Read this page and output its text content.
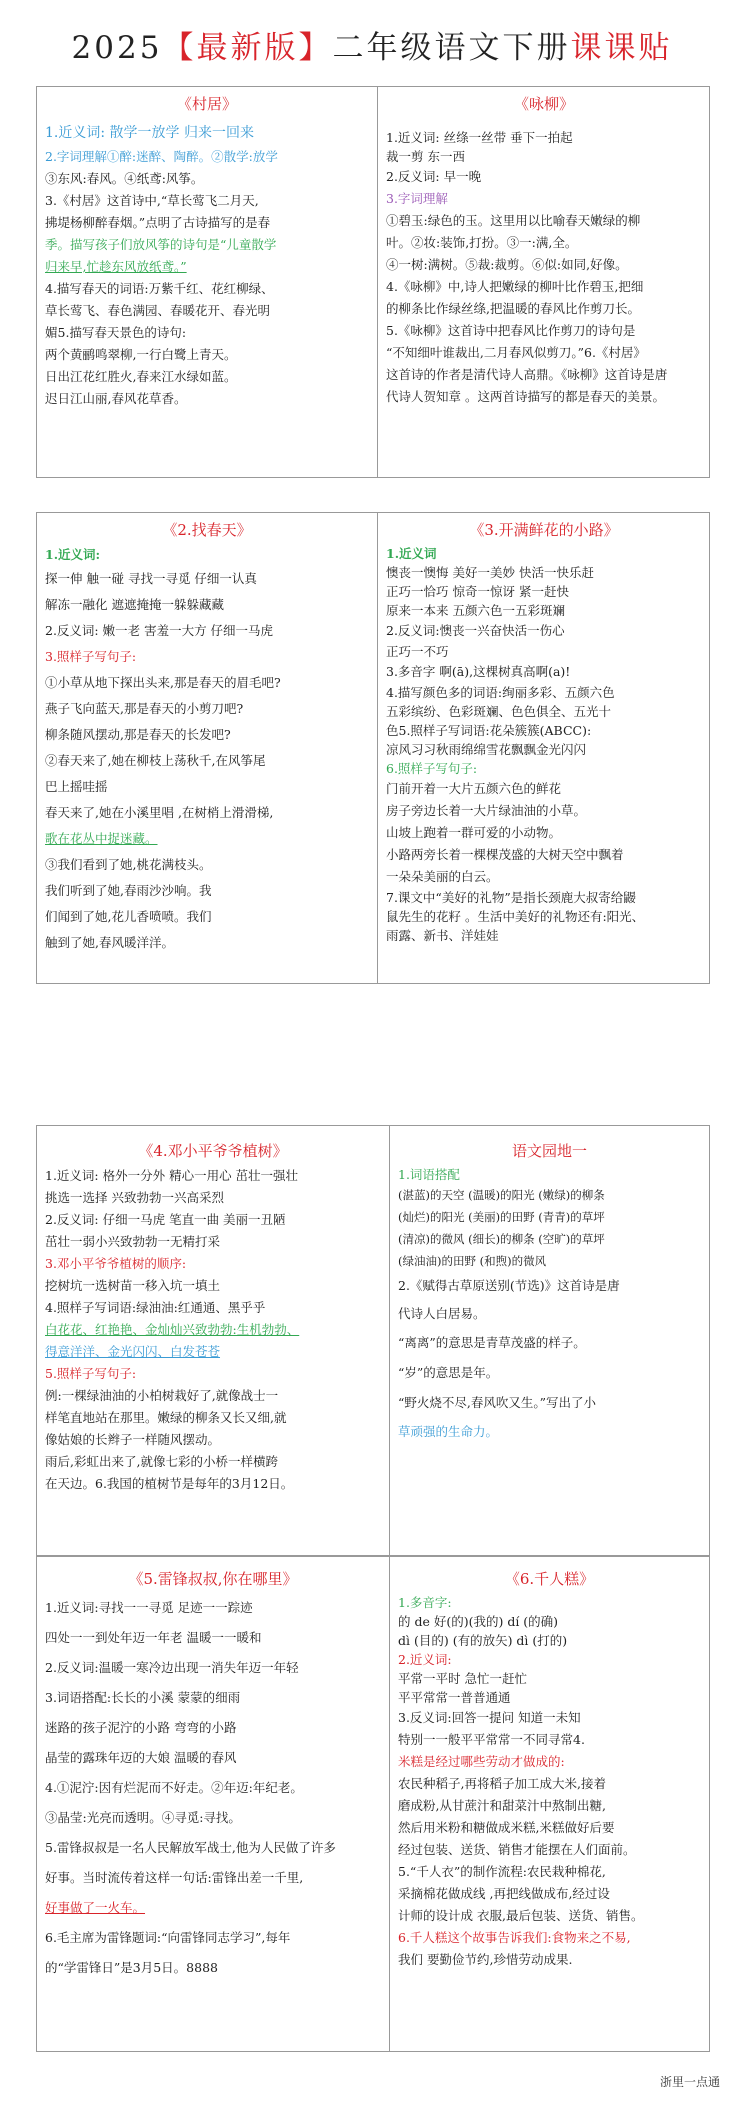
2025【最新版】二年级语文下册课课贴
《村居》
1.近义词: 散学一放学 归来一回来
2.字词理解①醉:迷醉、陶醉。②散学:放学
③东风:春风。④纸鸢:风筝。
3.《村居》这首诗中,“草长莺飞二月天,
拂堤杨柳醉春烟。”点明了古诗描写的是春
季。描写孩子们放风筝的诗句是“儿童散学
归来早,忙趁东风放纸鸢。”
4.描写春天的词语:万紫千红、花红柳绿、
草长莺飞、春色满园、春暖花开、春光明
媚5.描写春天景色的诗句:
两个黄鹂鸣翠柳,一行白鹭上青天。
日出江花红胜火,春来江水绿如蓝。
迟日江山丽,春风花草香。
《咏柳》
1.近义词: 丝绦一丝带 垂下一拍起
裁一剪 东一西
2.反义词: 早一晚
3.字词理解
①碧玉:绿色的玉。这里用以比喻春天嫩绿的柳
叶。②妆:装饰,打扮。③一:满,全。
④一树:满树。⑤裁:裁剪。⑥似:如同,好像。
4.《咏柳》中,诗人把嫩绿的柳叶比作碧玉,把细
的柳条比作绿丝绦,把温暖的春风比作剪刀长。
5.《咏柳》这首诗中把春风比作剪刀的诗句是
“不知细叶谁裁出,二月春风似剪刀。”6.《村居》
这首诗的作者是清代诗人高鼎。《咏柳》这首诗是唐
代诗人贺知章 。这两首诗描写的都是春天的美景。
《2.找春天》
1.近义词:
探一伸 触一碰 寻找一寻觅 仔细一认真
解冻一融化 遮遮掩掩一躲躲藏藏
2.反义词: 嫩一老 害羞一大方 仔细一马虎
3.照样子写句子:
①小草从地下探出头来,那是春天的眉毛吧?
燕子飞向蓝天,那是春天的小剪刀吧?
柳条随风摆动,那是春天的长发吧?
②春天来了,她在柳枝上荡秋千,在风筝尾
巴上摇哇摇
春天来了,她在小溪里唱 ,在树梢上滑滑梯,
歌在花丛中捉迷藏。
③我们看到了她,桃花满枝头。
我们听到了她,春雨沙沙响。我
们闻到了她,花儿香喷喷。我们
触到了她,春风暖洋洋。
《3.开满鲜花的小路》
1.近义词
懊丧一懊悔 美好一美妙 快活一快乐赶
正巧一恰巧 惊奇一惊讶 紧一赶快
原来一本来 五颜六色一五彩斑斓
2.反义词:懊丧一兴奋快活一伤心
正巧一不巧
3.多音字 啊(ā),这棵树真高啊(a)!
4.描写颜色多的词语:绚丽多彩、五颜六色
五彩缤纷、色彩斑斓、色色俱全、五光十
色5.照样子写词语:花朵簇簇(ABCC):
凉风习习秋雨绵绵雪花飘飘金光闪闪
6.照样子写句子:
门前开着一大片五颜六色的鲜花
房子旁边长着一大片绿油油的小草。
山坡上跑着一群可爱的小动物。
小路两旁长着一棵棵茂盛的大树天空中飘着
一朵朵美丽的白云。
7.课文中“美好的礼物”是指长颈鹿大叔寄给鼹
鼠先生的花籽 。生活中美好的礼物还有:阳光、
雨露、新书、洋娃娃
《4.邓小平爷爷植树》
1.近义词: 格外一分外 精心一用心 茁壮一强壮
挑选一选择 兴致勃勃一兴高采烈
2.反义词: 仔细一马虎 笔直一曲 美丽一丑陋
茁壮一弱小兴致勃勃一无精打采
3.邓小平爷爷植树的顺序:
挖树坑一选树苗一移入坑一填土
4.照样子写词语:绿油油:红通通、黑乎乎
白花花、红艳艳、金灿灿兴致勃勃:生机勃勃、
得意洋洋、金光闪闪、白发苍苍
5.照样子写句子:
例:一棵绿油油的小柏树栽好了,就像战士一
样笔直地站在那里。嫩绿的柳条又长又细,就
像姑娘的长辫子一样随风摆动。
雨后,彩虹出来了,就像七彩的小桥一样横跨
在天边。6.我国的植树节是每年的3月12日。
语文园地一
1.词语搭配
(湛蓝)的天空 (温暖)的阳光 (嫩绿)的柳条
(灿烂)的阳光 (美丽)的田野 (青青)的草坪
(清凉)的微风 (细长)的柳条 (空旷)的草坪
(绿油油)的田野 (和煦)的微风
2.《赋得古草原送别(节选)》这首诗是唐
代诗人白居易。
“离离”的意思是青草茂盛的样子。
“岁”的意思是年。
“野火烧不尽,春风吹又生。”写出了小
草顽强的生命力。
《5.雷锋叔叔,你在哪里》
1.近义词:寻找一一寻觅 足迹一一踪迹
四处一一到处年迈一年老 温暖一一暖和
2.反义词:温暖一寒冷边出现一消失年迈一年轻
3.词语搭配:长长的小溪 蒙蒙的细雨
迷路的孩子泥泞的小路 弯弯的小路
晶莹的露珠年迈的大娘 温暖的春风
4.①泥泞:因有烂泥而不好走。②年迈:年纪老。
③晶莹:光亮而透明。④寻觅:寻找。
5.雷锋叔叔是一名人民解放军战士,他为人民做了许多
好事。当时流传着这样一句话:雷锋出差一千里,
好事做了一火车。
6.毛主席为雷锋题词:“向雷锋同志学习”,每年
的“学雷锋日”是3月5日。8888
《6.千人糕》
1.多音字:
的 de 好(的)(我的) dí (的确)
dì (目的) (有的放矢) dì (打的)
2.近义词:
平常一平时 急忙一赶忙
平平常常一普普通通
3.反义词:回答一提问 知道一未知
特别一一般平平常常一不同寻常4.
米糕是经过哪些劳动才做成的:
农民种稻子,再将稻子加工成大米,接着
磨成粉,从甘蔗汁和甜菜汁中熬制出糖,
然后用米粉和糖做成米糕,米糕做好后要
经过包装、送货、销售才能摆在人们面前。
5.“千人衣”的制作流程:农民栽种棉花,
采摘棉花做成线 ,再把线做成布,经过设
计师的设计成 衣服,最后包装、送货、销售。
6.千人糕这个故事告诉我们:食物来之不易,
我们 要勤俭节约,珍惜劳动成果.
浙里一点通
